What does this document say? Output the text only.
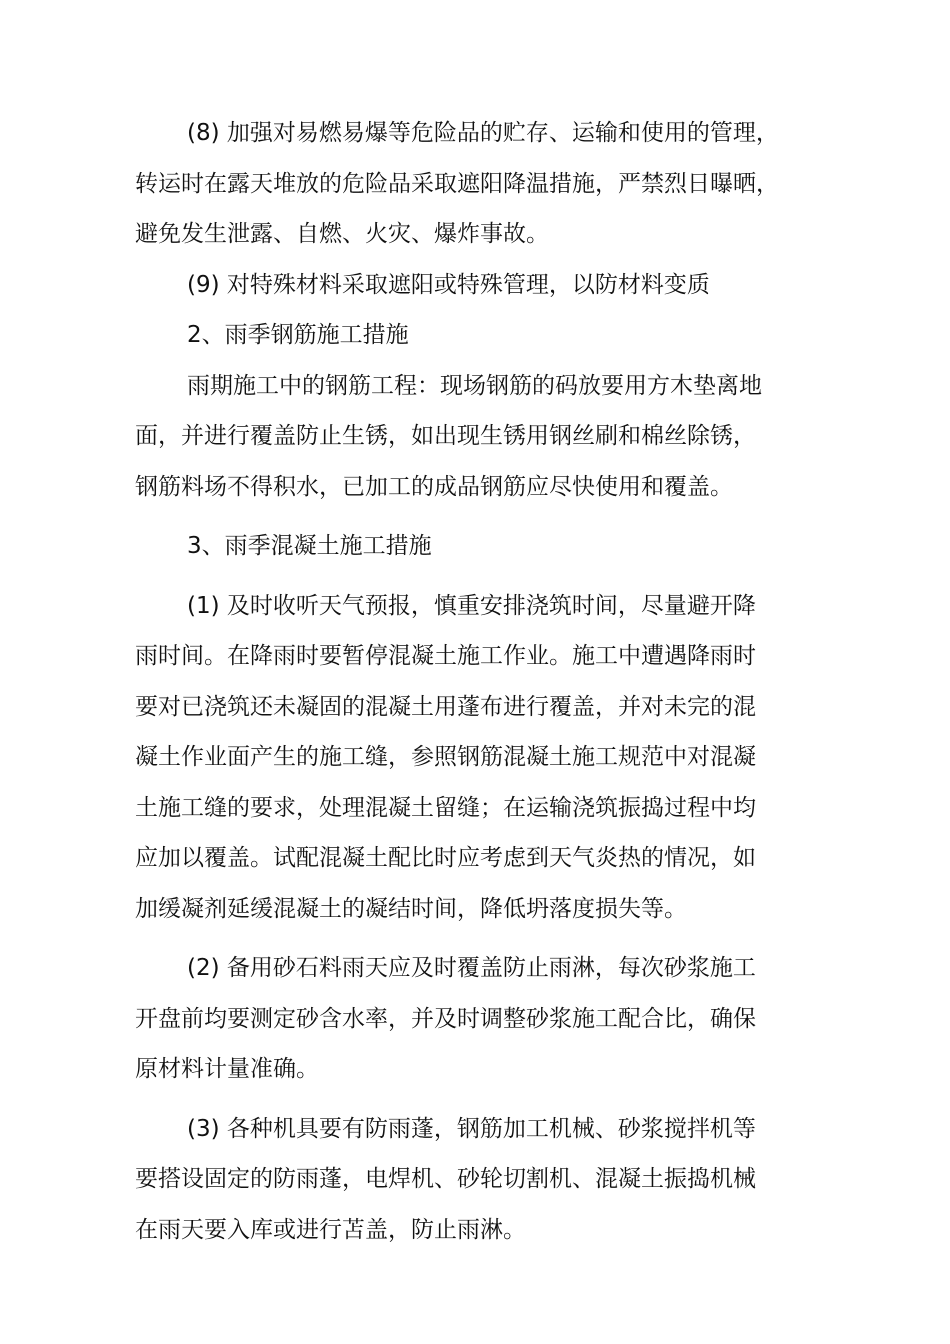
(8) 加强对易燃易爆等危险品的贮存、运输和使用的管理，
转运时在露天堆放的危险品采取遮阳降温措施，严禁烈日曝晒，
避免发生泄露、自燃、火灾、爆炸事故。
(9) 对特殊材料采取遮阳或特殊管理，以防材料变质
2、雨季钢筋施工措施
雨期施工中的钢筋工程：现场钢筋的码放要用方木垫离地
面，并进行覆盖防止生锈，如出现生锈用钢丝刷和棉丝除锈，
钢筋料场不得积水，已加工的成品钢筋应尽快使用和覆盖。
3、雨季混凝土施工措施
(1) 及时收听天气预报，慎重安排浇筑时间，尽量避开降
雨时间。在降雨时要暂停混凝土施工作业。施工中遭遇降雨时
要对已浇筑还未凝固的混凝土用蓬布进行覆盖，并对未完的混
凝土作业面产生的施工缝，参照钢筋混凝土施工规范中对混凝
土施工缝的要求，处理混凝土留缝；在运输浇筑振捣过程中均
应加以覆盖。试配混凝土配比时应考虑到天气炎热的情况，如
加缓凝剂延缓混凝土的凝结时间，降低坍落度损失等。
(2) 备用砂石料雨天应及时覆盖防止雨淋，每次砂浆施工
开盘前均要测定砂含水率，并及时调整砂浆施工配合比，确保
原材料计量准确。
(3) 各种机具要有防雨蓬，钢筋加工机械、砂浆搅拌机等
要搭设固定的防雨蓬，电焊机、砂轮切割机、混凝土振捣机械
在雨天要入库或进行苫盖，防止雨淋。
